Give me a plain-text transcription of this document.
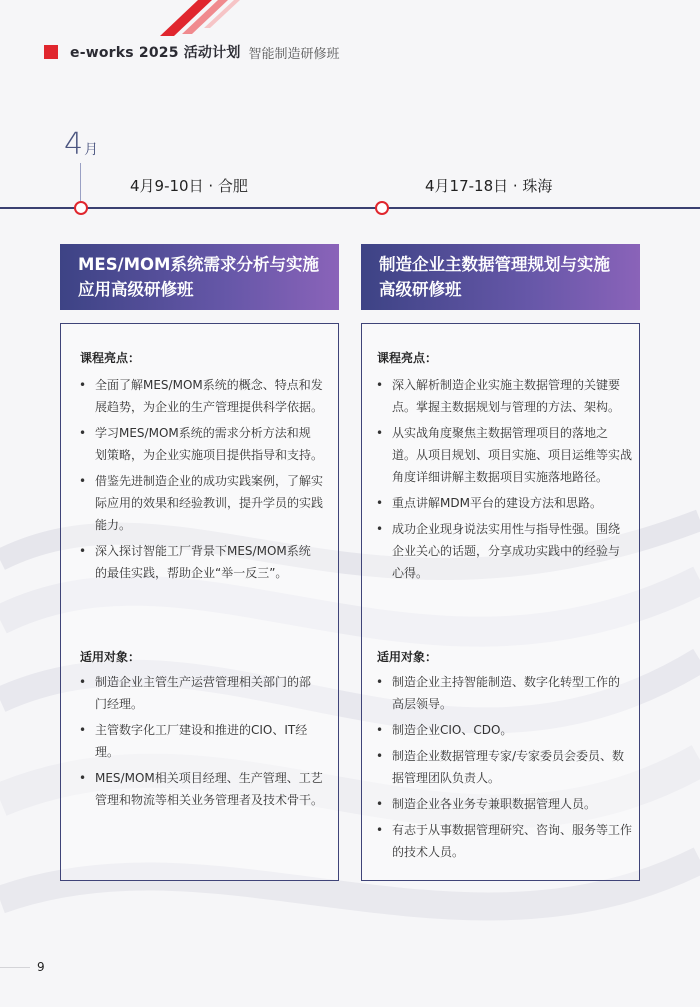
e-works 2025 活动计划 智能制造研修班
4月
4月9-10日 · 合肥	4月17-18日 · 珠海
MES/MOM系统需求分析与实施
应用高级研修班
制造企业主数据管理规划与实施
高级研修班
课程亮点：
• 全面了解MES/MOM系统的概念、特点和发
展趋势，为企业的生产管理提供科学依据。
• 学习MES/MOM系统的需求分析方法和规
划策略，为企业实施项目提供指导和支持。
• 借鉴先进制造企业的成功实践案例，了解实
际应用的效果和经验教训，提升学员的实践
能力。
• 深入探讨智能工厂背景下MES/MOM系统
的最佳实践，帮助企业“举一反三”。
适用对象：
• 制造企业主管生产运营管理相关部门的部
门经理。
• 主管数字化工厂建设和推进的CIO、IT经理。
• MES/MOM相关项目经理、生产管理、工艺
管理和物流等相关业务管理者及技术骨干。
课程亮点：
• 深入解析制造企业实施主数据管理的关键要
点。掌握主数据规划与管理的方法、架构。
• 从实战角度聚焦主数据管理项目的落地之
道。从项目规划、项目实施、项目运维等实战
角度详细讲解主数据项目实施落地路径。
• 重点讲解MDM平台的建设方法和思路。
• 成功企业现身说法实用性与指导性强。围绕
企业关心的话题，分享成功实践中的经验与
心得。
适用对象：
• 制造企业主持智能制造、数字化转型工作的
高层领导。
• 制造企业CIO、CDO。
• 制造企业数据管理专家/专家委员会委员、数
据管理团队负责人。
• 制造企业各业务专兼职数据管理人员。
• 有志于从事数据管理研究、咨询、服务等工作
的技术人员。
9
